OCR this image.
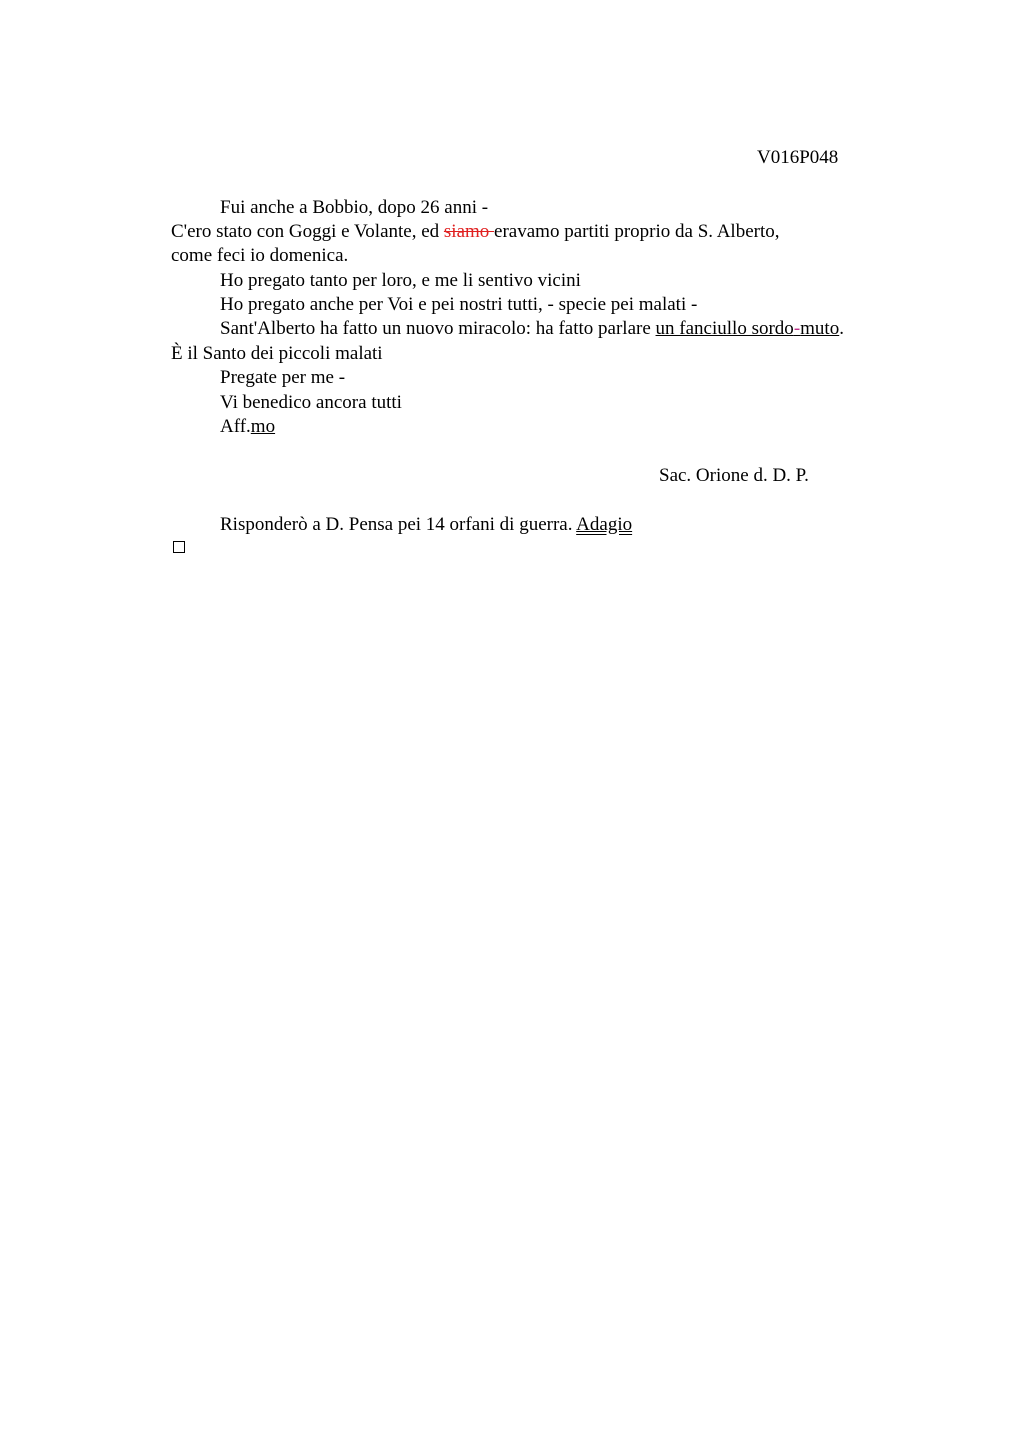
V016P048
Fui anche a Bobbio, dopo 26 anni -
C'ero stato con Goggi e Volante, ed siamo eravamo partiti proprio da S. Alberto,
come feci io domenica.
Ho pregato tanto per loro, e me li sentivo vicini
Ho pregato anche per Voi e pei nostri tutti, - specie pei malati -
Sant'Alberto ha fatto un nuovo miracolo: ha fatto parlare un fanciullo sordo-muto.
È il Santo dei piccoli malati
Pregate per me -
Vi benedico ancora tutti
Aff.mo
Sac. Orione d. D. P.
Risponderò a D. Pensa pei 14 orfani di guerra. Adagio
